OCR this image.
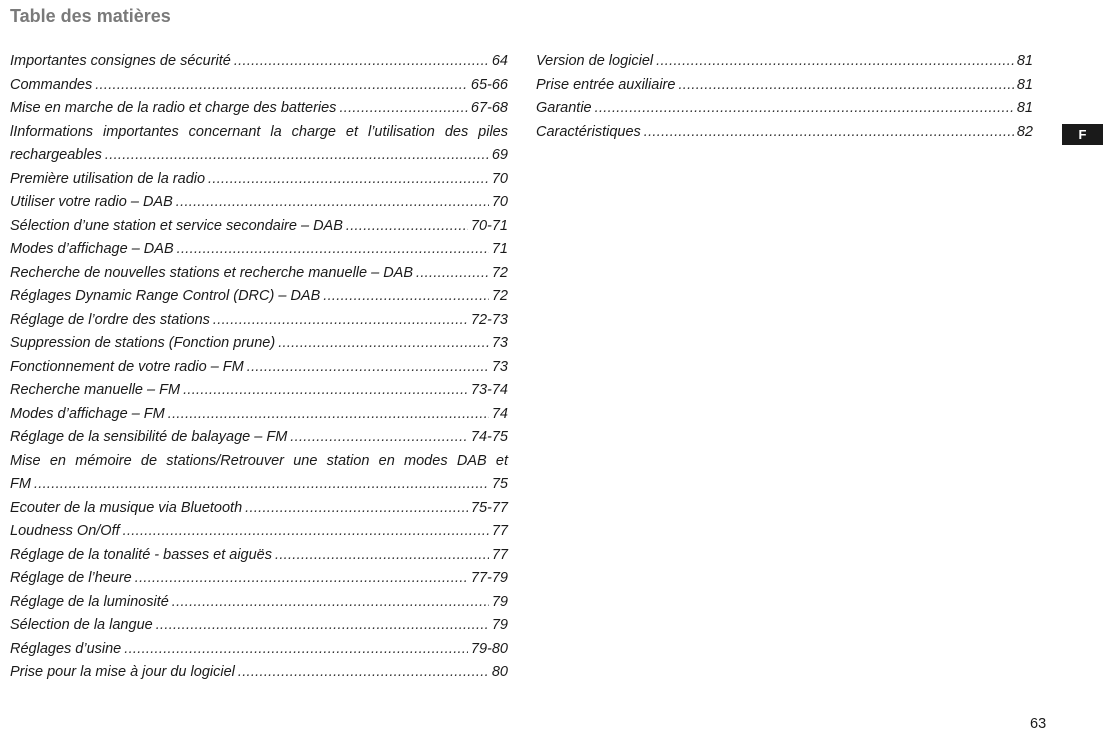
Table des matières
Importantes consignes de sécurité .....	64
Commandes .....	65-66
Mise en marche de la radio et charge des batteries .....	67-68
lInformations importantes concernant la charge et l’utilisation des piles
rechargeables .....	69
Première utilisation de la radio .....	70
Utiliser votre radio – DAB .....	70
Sélection d’une station et service secondaire – DAB .....	70-71
Modes d’affichage – DAB .....	71
Recherche de nouvelles stations et recherche manuelle – DAB .....	72
Réglages Dynamic Range Control (DRC) – DAB .....	72
Réglage de l’ordre des stations .....	72-73
Suppression de stations (Fonction prune) .....	73
Fonctionnement de votre radio – FM .....	73
Recherche manuelle – FM .....	73-74
Modes d’affichage – FM .....	74
Réglage de la sensibilité de balayage – FM .....	74-75
Mise en mémoire de stations/Retrouver une station en modes DAB et
FM .....	75
Ecouter de la musique via Bluetooth .....	75-77
Loudness On/Off .....	77
Réglage de la tonalité - basses et aiguës .....	77
Réglage de l’heure .....	77-79
Réglage de la luminosité .....	79
Sélection de la langue .....	79
Réglages d’usine .....	79-80
Prise pour la mise à jour du logiciel .....	80
Version de logiciel .....	81
Prise entrée auxiliaire .....	81
Garantie .....	81
Caractéristiques .....	82	F
63
